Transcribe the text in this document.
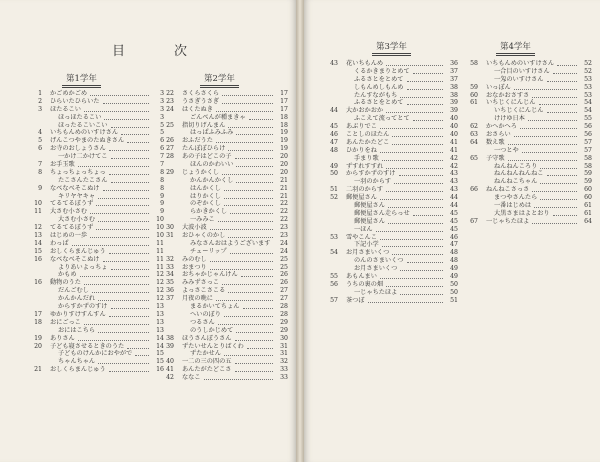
目　次
第1学年
1 かごめかごめ	3
2 ひらいたひらいた	3
3 ほたるこい	3
ほっほたるこい	3
ほったるこいこい	5
4 いちもんめのいすけさん	5
5 げんこつやまのたぬきさん	6
6 お寺のおしょうさん	6
一かけ二かけてこ	7
7 お手玉歌	7
8 ちょっちょっちょっ	8
たこさんたこさん	8
9 なべなべそこぬけ	8
キリヤヤキャ	9
10 てるてるぼうず	9
11 大さむ小さむ	9
大さむ小さむ	10
12 てるてるぼうず	10
13 はじめの一歩	10
14 わっぱ	11
15 おしくらまんじゅう	11
16 なべなべそこぬけ	11
よりあいよっちょ	11
かもめ	12
16 動物のうた	12
だんごむし	12
かんかんだれ	12
からすかずのすけ	13
17 ゆかりすけすんすん	13
18 おにごっこ	13
おにはこちら	13
19 ありさん	14
20 子ども寝させるときのうた	14
子どものけんかにおやがで	15
ちゃんちゃん	15
21 おしくらまんじゅう	16
第2学年
22 さくらさくら	17
23 うさぎうさぎ	17
24 はくたぬき	17
ごんべんが種まきゃ	18
25 指切りげんまん	18
はっぱふみふみ	19
26 おふだうた	19
27 たんぽぽひらけ	19
28 あの子はどこの子	20
ほんのかわいい	20
29 じょうかくし	20
かんかんかくし	21
はんかくし	21
はりかくし	21
のぞかくし	22
らかきかくし	22
一みみこ	22
30 大波小波	23
31 おひゃくのかし	23
みなさんおはようございます	24
チューリップ	24
32 みのむし	25
33 おまつり	25
34 おちゃかじゃんけん	26
35 みみずさっこ	26
36 よっさこさこる	27
37 月夜の晩に	27
まるかいてちょん	28
へいのぼり	28
つるさん	29
のうしかじめて	29
38 ほうさんぼうさん	30
39 ずたいせんとりばくわ	31
ずたかせん	31
40 一二の三の四の五	32
41 あんたがたどこさ	33
42 ななこ	33
第3学年
43 花いちもんめ	36
くるかきまりとめて	37
ふるさとをとめて	37
しもんめしもんめ	38
たんすながもち	38
ふるさとをとめて	39
44 大かおかおか	39
ふこえて流ってとて	40
45 あぶりでこ	40
46 ことしのほたん	40
47 あんたかたどこ	41
48 ひかりをね	41
手まり歌	42
49 ずすれすすれ	42
50 からすかずのすけ	43
一羽のからす	43
51 二羽のからす	43
52 郵便屋さん	44
郵便屋さん	44
郵便屋さん走らっせ	45
郵便屋さん	45
一ほん	45
53 雪やこんこ	46
下記小学	47
54 お月さまいくつ	48
のんのさまいくつ	48
お月さまいくつ	49
55 あもんまい	49
56 うちの裏の畑	50
一じゃちたほよ	50
57 茶つぼ	51
第4学年
58 いちもんめのいすけさん	52
一合目のいすけさん	52
一匁のいすけさん	53
59 いっぽん	53
60 おなかおさすさ	53
61 いちじくにんじん	54
いちじくにんじん	54
けけゆ日本	55
62 かへかへろ	56
63 おさらい	56
64 数え歌	57
一つとや	57
65 子守歌	58
ねんねんころり	58
ねんねんねんねこ	59
ねんねこちゃん	59
66 ねんねこさっさ	60
まつやさんたら	60
一番はじめは	61
大黒さまはよとおり	61
67 一じゃちたほよ	64
